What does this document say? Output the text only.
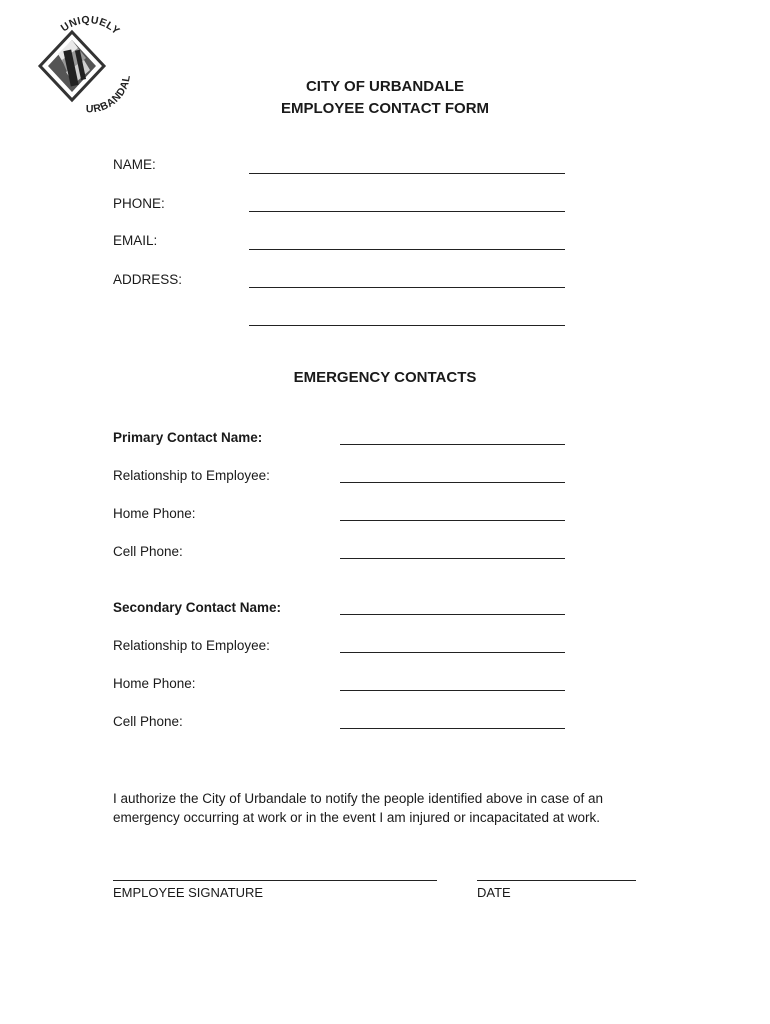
UNIQUELY
URBANDAL	CITY OF URBANDALE
EMPLOYEE CONTACT FORM
NAME:
PHONE:
EMAIL:
ADDRESS:
EMERGENCY CONTACTS
Primary Contact Name:
Relationship to Employee:
Home Phone:
Cell Phone:
Secondary Contact Name:
Relationship to Employee:
Home Phone:
Cell Phone:
I authorize the City of Urbandale to notify the people identified above in case of an
emergency occurring at work or in the event I am injured or incapacitated at work.
EMPLOYEE SIGNATURE	DATE
